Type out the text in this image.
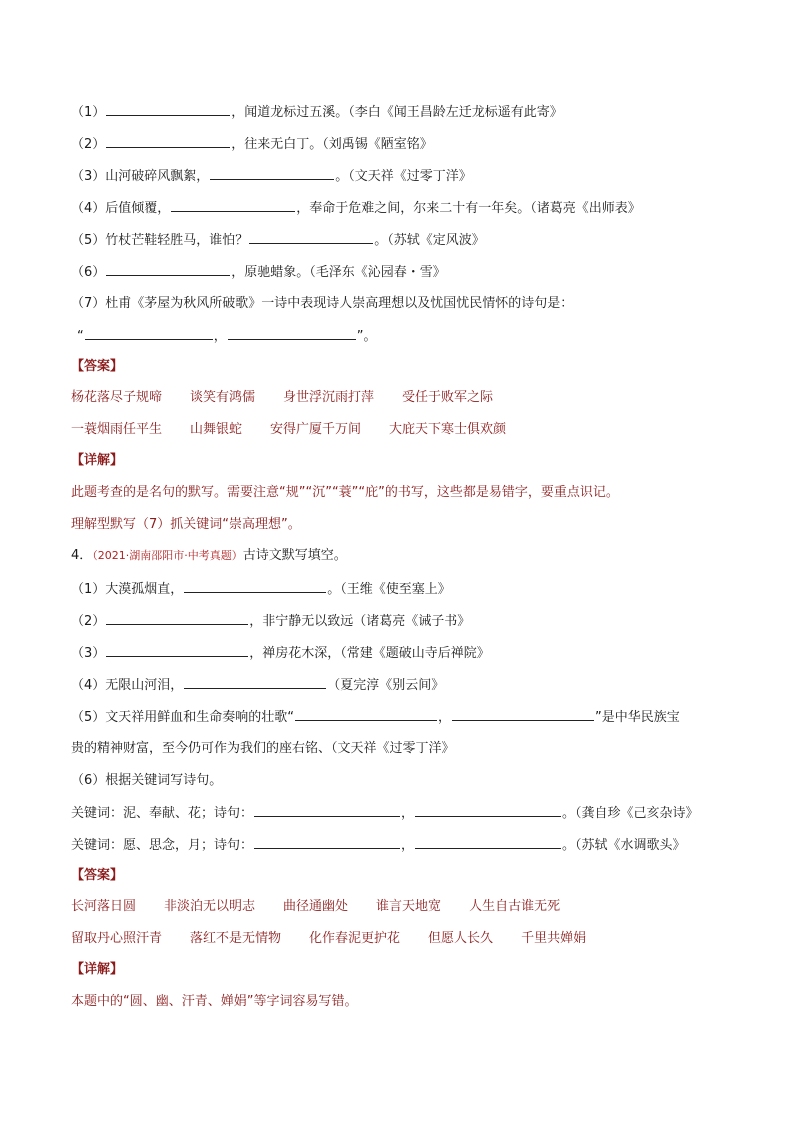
（1）	，闻道龙标过五溪。（李白《闻王昌龄左迁龙标遥有此寄》
（2）	，往来无白丁。（刘禹锡《陋室铭》
（3）山河破碎风飘絮，	。（文天祥《过零丁洋》
（4）后值倾覆，	，奉命于危难之间，尔来二十有一年矣。（诸葛亮《出师表》
（5）竹杖芒鞋轻胜马，谁怕？	。（苏轼《定风波》
（6）	，原驰蜡象。（毛泽东《沁园春・雪》
（7）杜甫《茅屋为秋风所破歌》一诗中表现诗人崇高理想以及忧国忧民情怀的诗句是：
“	，	”。
【答案】
杨花落尽子规啼 谈笑有鸿儒 身世浮沉雨打萍 受任于败军之际
一蓑烟雨任平生 山舞银蛇 安得广厦千万间 大庇天下寒士俱欢颜
【详解】
此题考查的是名句的默写。需要注意“规”“沉”“蓑”“庇”的书写，这些都是易错字，要重点识记。
理解型默写（7）抓关键词“崇高理想”。
4．（2021·湖南邵阳市·中考真题）古诗文默写填空。
（1）大漠孤烟直，	。（王维《使至塞上》
（2）	，非宁静无以致远（诸葛亮《诫子书》
（3）	，禅房花木深，（常建《题破山寺后禅院》
（4）无限山河泪，	（夏完淳《别云间》
（5）文天祥用鲜血和生命奏响的壮歌“	，	”是中华民族宝
贵的精神财富，至今仍可作为我们的座右铭、（文天祥《过零丁洋》
（6）根据关键词写诗句。
关键词：泥、奉献、花；诗句：	，	。（龚自珍《己亥杂诗》
关键词：愿、思念，月；诗句：	，	。（苏轼《水调歌头》
【答案】
长河落日圆 非淡泊无以明志 曲径通幽处 谁言天地宽 人生自古谁无死
留取丹心照汗青 落红不是无情物 化作春泥更护花 但愿人长久 千里共婵娟
【详解】
本题中的“圆、幽、汗青、婵娟”等字词容易写错。
